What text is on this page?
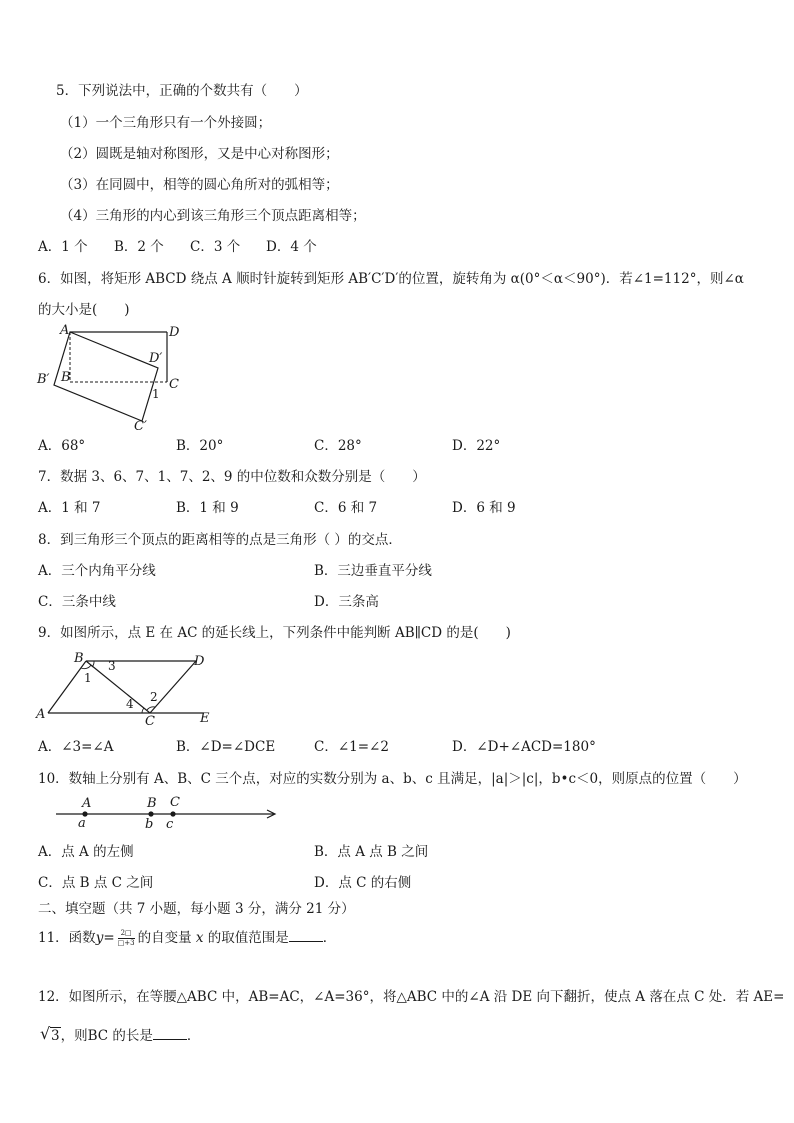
5．下列说法中，正确的个数共有（　　）
（1）一个三角形只有一个外接圆；
（2）圆既是轴对称图形，又是中心对称图形；
（3）在同圆中，相等的圆心角所对的弧相等；
（4）三角形的内心到该三角形三个顶点距离相等；
A．1 个 B．2 个 C．3 个 D．4 个
6．如图，将矩形 ABCD 绕点 A 顺时针旋转到矩形 AB′C′D′的位置，旋转角为 α(0°＜α＜90°)．若∠1=112°，则∠α
的大小是(　　)
A	D
D′
B′ B	C
1
C′
A．68°	B．20°	C．28°	D．22°
7．数据 3、6、7、1、7、2、9 的中位数和众数分别是（　　）
A．1 和 7	B．1 和 9	C．6 和 7	D．6 和 9
8．到三角形三个顶点的距离相等的点是三角形（ ）的交点．
A．三个内角平分线	B．三边垂直平分线
C．三条中线	D．三条高
9．如图所示，点 E 在 AC 的延长线上，下列条件中能判断 AB∥CD 的是(　　)
B	D
A	C	E
3
1
2
4
A．∠3=∠A	B．∠D=∠DCE	C．∠1=∠2	D．∠D+∠ACD=180°
10．数轴上分别有 A、B、C 三个点，对应的实数分别为 a、b、c 且满足，|a|＞|c|，b•c＜0，则原点的位置（　　）
A	B C
a	b c
A．点 A 的左侧	B．点 A 点 B 之间
C．点 B 点 C 之间	D．点 C 的右侧
二、填空题（共 7 小题，每小题 3 分，满分 21 分）
11．函数$y= \frac{2□}{□+3}$ 的自变量 x 的取值范围是	．
12．如图所示，在等腰△ABC 中，AB=AC，∠A=36°，将△ABC 中的∠A 沿 DE 向下翻折，使点 A 落在点 C 处．若 AE=
√ 3，则BC 的长是	．
